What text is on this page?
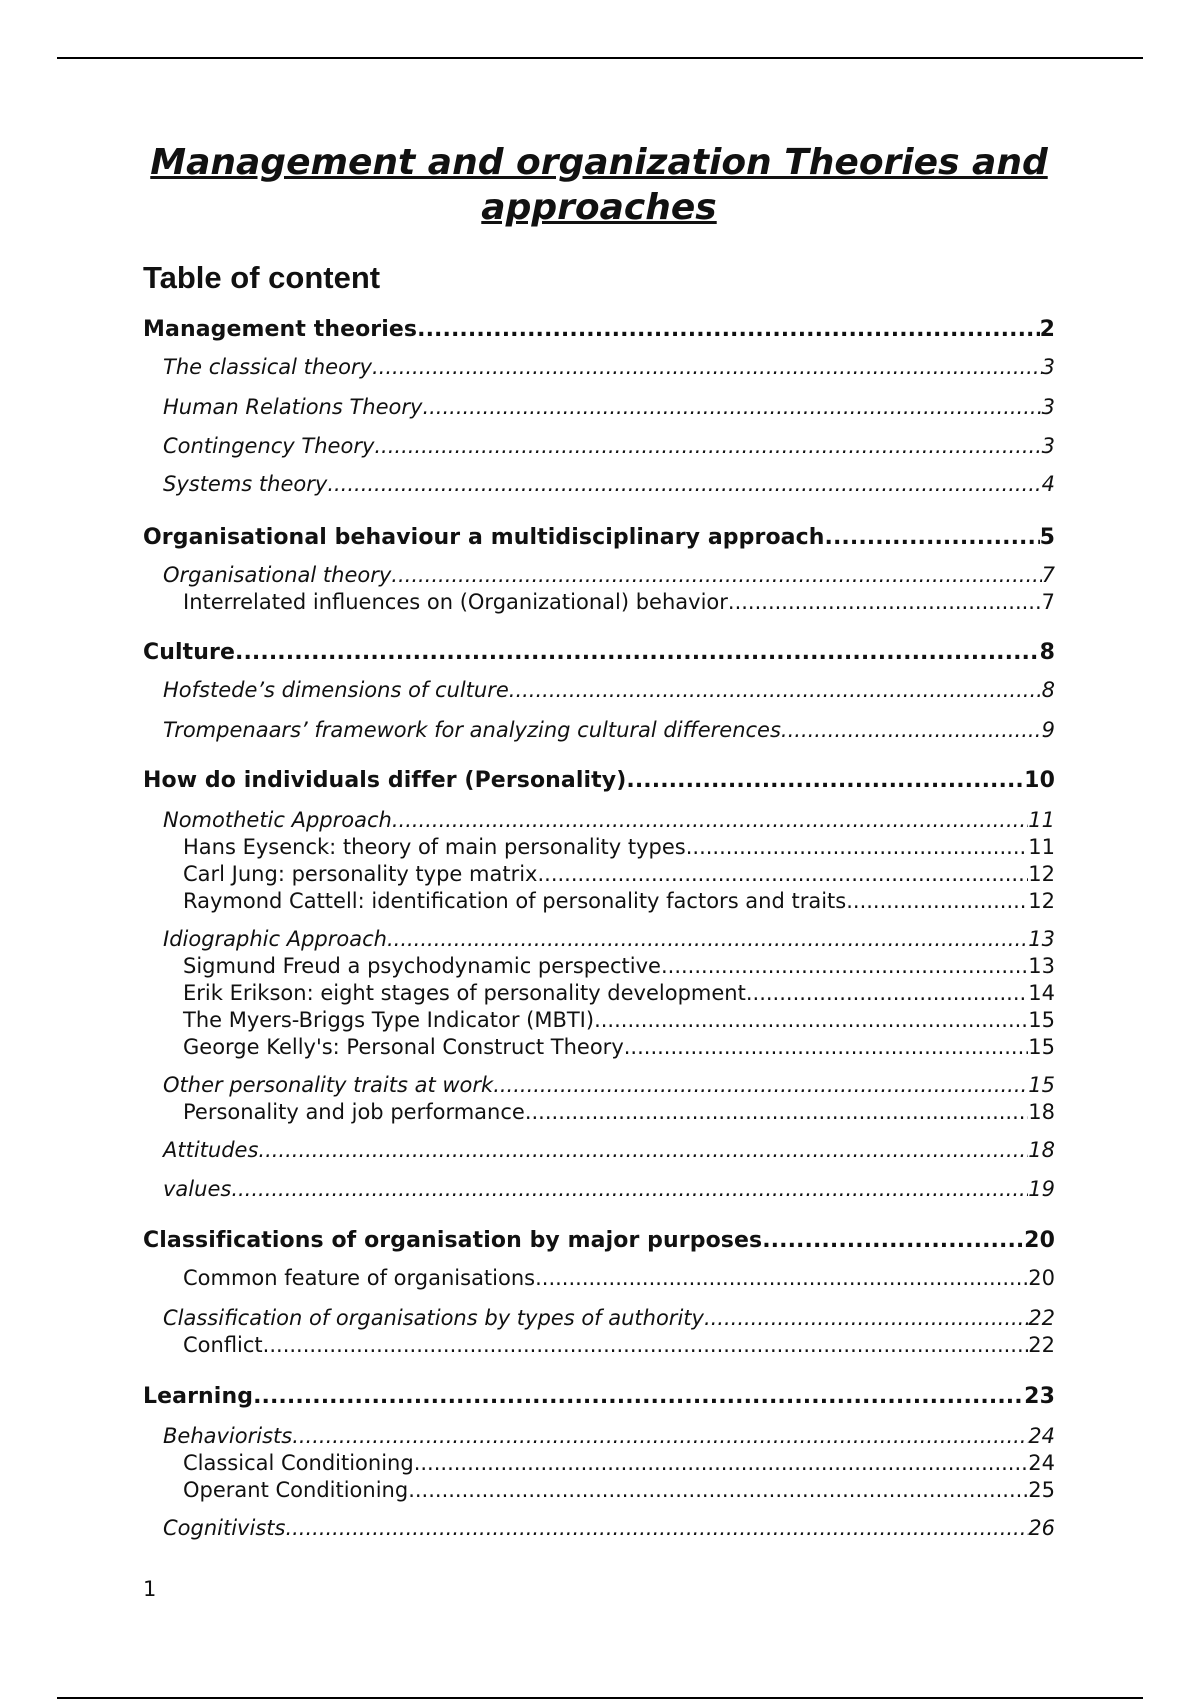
Management and organization Theories and approaches
Table of content
Management theories .....	2
The classical theory .....	3
Human Relations Theory .....	3
Contingency Theory .....	3
Systems theory .....	4
Organisational behaviour a multidisciplinary approach .....	5
Organisational theory .....	7
Interrelated influences on (Organizational) behavior .....	7
Culture .....	8
Hofstede’s dimensions of culture .....	8
Trompenaars’ framework for analyzing cultural differences .....	9
How do individuals differ (Personality) .....	10
Nomothetic Approach .....	11
Hans Eysenck: theory of main personality types .....	11
Carl Jung: personality type matrix .....	12
Raymond Cattell: identification of personality factors and traits .....	12
Idiographic Approach .....	13
Sigmund Freud a psychodynamic perspective .....	13
Erik Erikson: eight stages of personality development .....	14
The Myers-Briggs Type Indicator (MBTI) .....	15
George Kelly's: Personal Construct Theory .....	15
Other personality traits at work .....	15
Personality and job performance .....	18
Attitudes .....	18
values .....	19
Classifications of organisation by major purposes .....	20
Common feature of organisations .....	20
Classification of organisations by types of authority .....	22
Conflict .....	22
Learning .....	23
Behaviorists .....	24
Classical Conditioning .....	24
Operant Conditioning .....	25
Cognitivists .....	26
1
